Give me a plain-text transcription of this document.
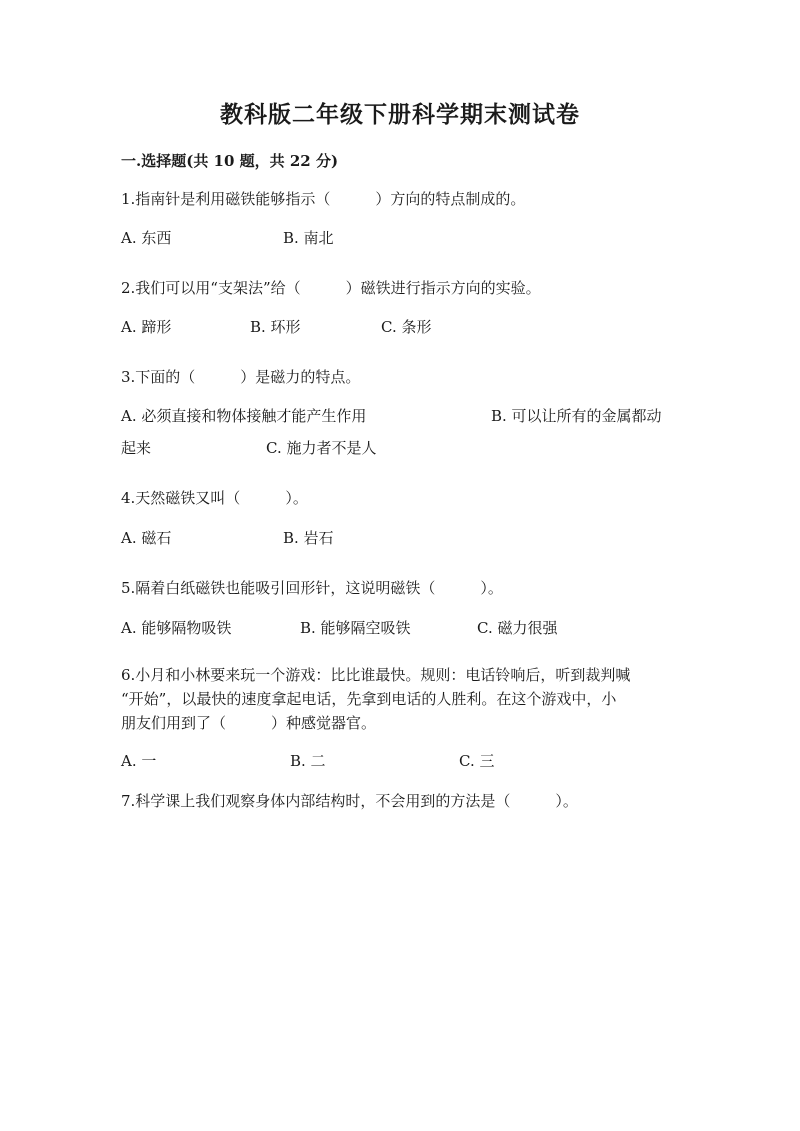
教科版二年级下册科学期末测试卷
一.选择题(共 10 题，共 22 分)
1.指南针是利用磁铁能够指示（　　　）方向的特点制成的。
A. 东西	B. 南北
2.我们可以用“支架法”给（　　　）磁铁进行指示方向的实验。
A. 蹄形	B. 环形	C. 条形
3.下面的（　　　）是磁力的特点。
A. 必须直接和物体接触才能产生作用	B. 可以让所有的金属都动
起来	C. 施力者不是人
4.天然磁铁又叫（　　　）。
A. 磁石	B. 岩石
5.隔着白纸磁铁也能吸引回形针，这说明磁铁（　　　）。
A. 能够隔物吸铁	B. 能够隔空吸铁	C. 磁力很强
6.小月和小林要来玩一个游戏：比比谁最快。规则：电话铃响后，听到裁判喊
“开始”，以最快的速度拿起电话，先拿到电话的人胜利。在这个游戏中，小
朋友们用到了（　　　）种感觉器官。
A. 一	B. 二	C. 三
7.科学课上我们观察身体内部结构时，不会用到的方法是（　　　）。
